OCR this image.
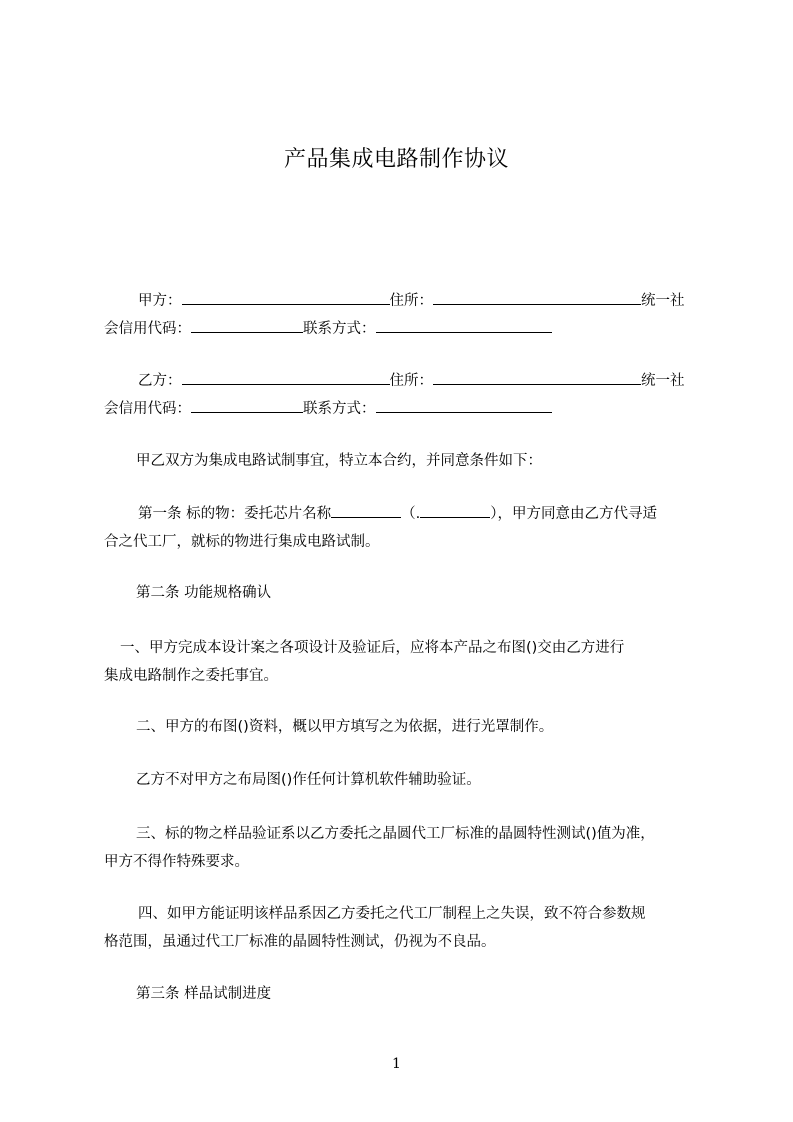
产品集成电路制作协议
甲方：	住所：	统一社
会信用代码：	联系方式：
乙方：	住所：	统一社
会信用代码：	联系方式：
甲乙双方为集成电路试制事宜，特立本合约，并同意条件如下：
第一条 标的物：委托芯片名称	（.	），甲方同意由乙方代寻适
合之代工厂，就标的物进行集成电路试制。
第二条 功能规格确认
一、甲方完成本设计案之各项设计及验证后，应将本产品之布图()交由乙方进行
集成电路制作之委托事宜。
二、甲方的布图()资料，概以甲方填写之为依据，进行光罩制作。
乙方不对甲方之布局图()作任何计算机软件辅助验证。
三、标的物之样品验证系以乙方委托之晶圆代工厂标准的晶圆特性测试()值为准，
甲方不得作特殊要求。
四、如甲方能证明该样品系因乙方委托之代工厂制程上之失误，致不符合参数规
格范围，虽通过代工厂标准的晶圆特性测试，仍视为不良品。
第三条 样品试制进度
1
